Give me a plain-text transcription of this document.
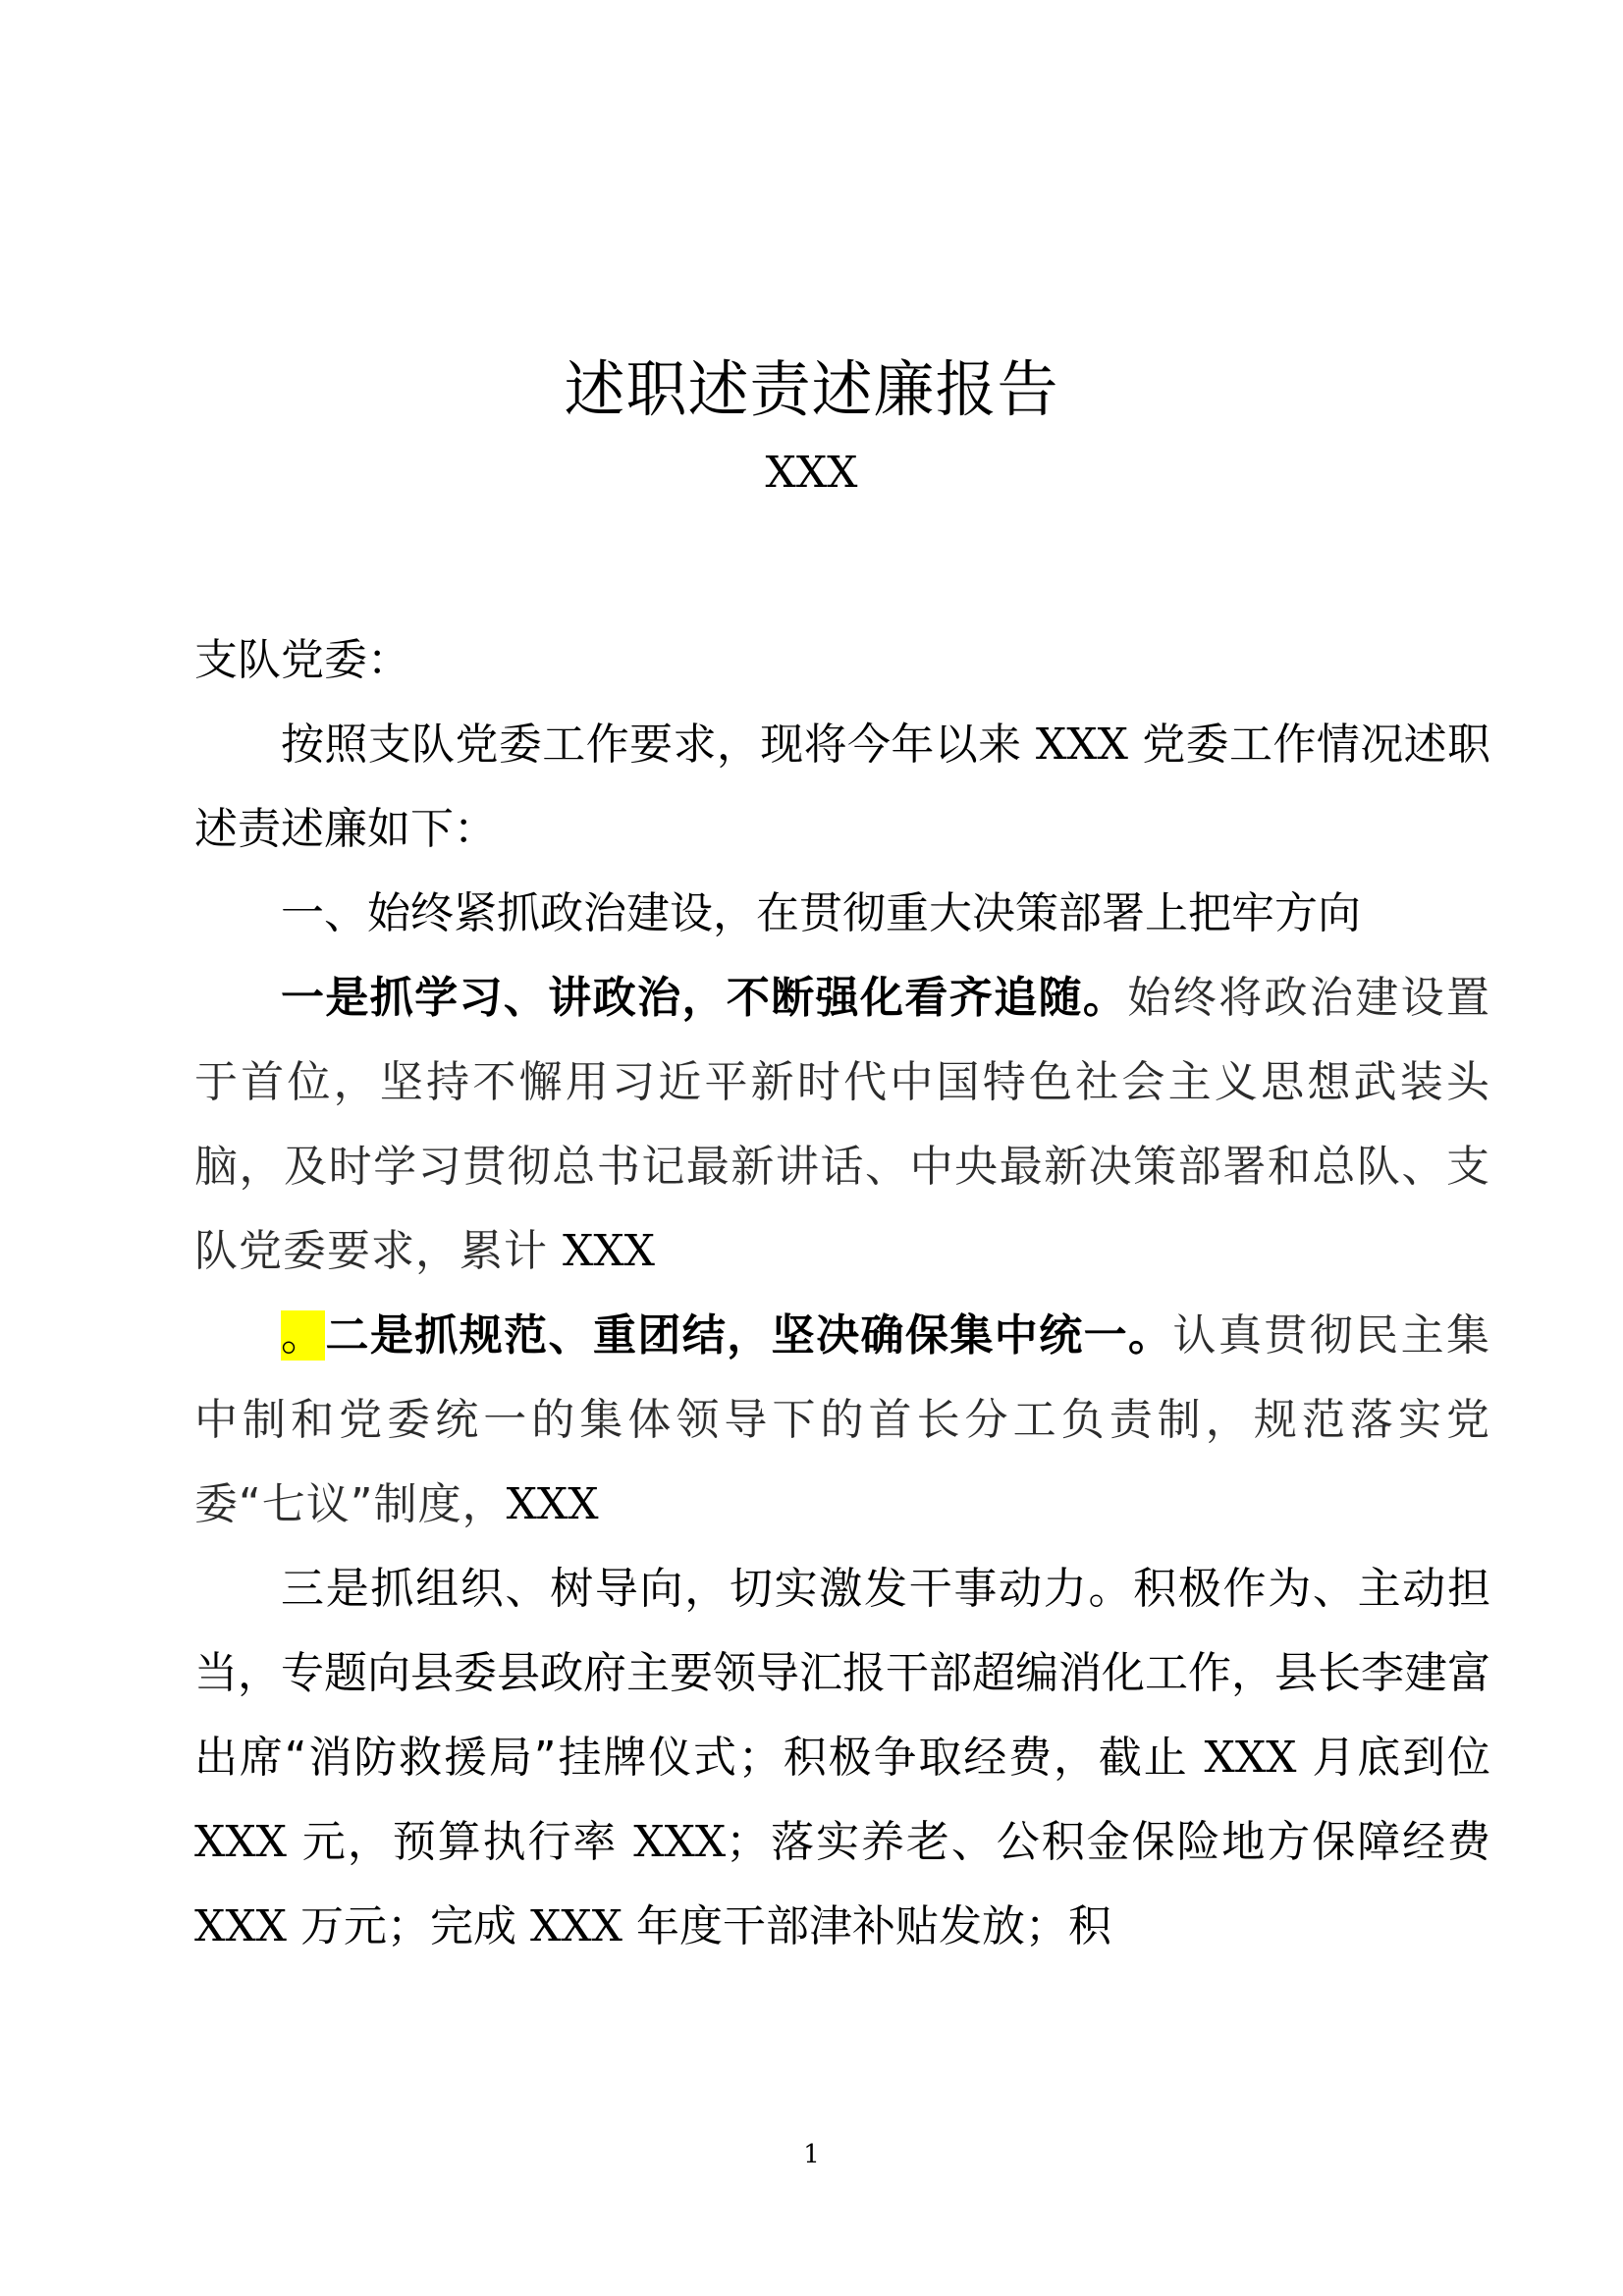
述职述责述廉报告
XXX

支队党委：

按照支队党委工作要求，现将今年以来 XXX 党委工作情况述职述责述廉如下：

一、始终紧抓政治建设，在贯彻重大决策部署上把牢方向

一是抓学习、讲政治，不断强化看齐追随。始终将政治建设置于首位，坚持不懈用习近平新时代中国特色社会主义思想武装头脑，及时学习贯彻总书记最新讲话、中央最新决策部署和总队、支队党委要求，累计 XXX

。二是抓规范、重团结，坚决确保集中统一。认真贯彻民主集中制和党委统一的集体领导下的首长分工负责制，规范落实党委“七议”制度，XXX

三是抓组织、树导向，切实激发干事动力。积极作为、主动担当，专题向县委县政府主要领导汇报干部超编消化工作，县长李建富出席“消防救援局”挂牌仪式；积极争取经费，截止 XXX 月底到位 XXX 元，预算执行率 XXX；落实养老、公积金保险地方保障经费 XXX 万元；完成 XXX 年度干部津补贴发放；积

1
